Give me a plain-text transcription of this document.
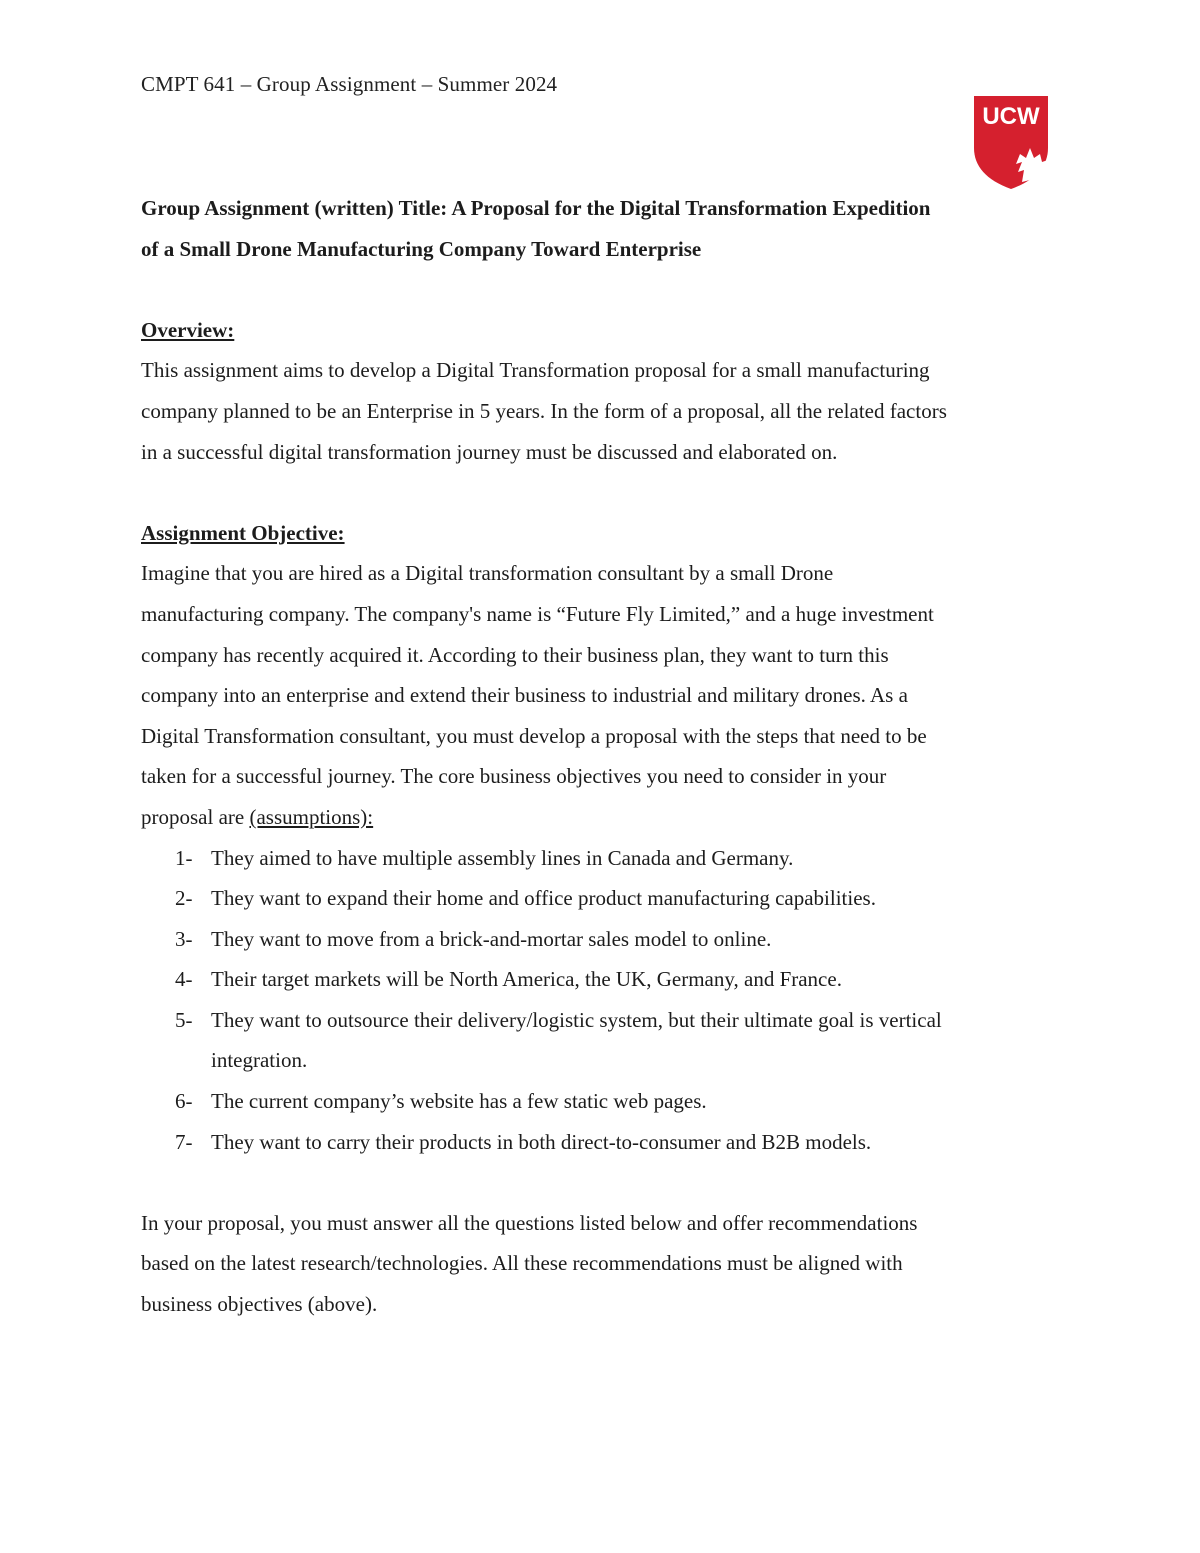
CMPT 641 – Group Assignment – Summer 2024
UCW

Group Assignment (written) Title: A Proposal for the Digital Transformation Expedition
of a Small Drone Manufacturing Company Toward Enterprise

Overview:

This assignment aims to develop a Digital Transformation proposal for a small manufacturing
company planned to be an Enterprise in 5 years. In the form of a proposal, all the related factors
in a successful digital transformation journey must be discussed and elaborated on.

Assignment Objective:

Imagine that you are hired as a Digital transformation consultant by a small Drone
manufacturing company. The company's name is “Future Fly Limited,” and a huge investment
company has recently acquired it. According to their business plan, they want to turn this
company into an enterprise and extend their business to industrial and military drones. As a
Digital Transformation consultant, you must develop a proposal with the steps that need to be
taken for a successful journey. The core business objectives you need to consider in your
proposal are (assumptions):

1- They aimed to have multiple assembly lines in Canada and Germany.
2- They want to expand their home and office product manufacturing capabilities.
3- They want to move from a brick-and-mortar sales model to online.
4- Their target markets will be North America, the UK, Germany, and France.
5- They want to outsource their delivery/logistic system, but their ultimate goal is vertical
integration.
6- The current company’s website has a few static web pages.
7- They want to carry their products in both direct-to-consumer and B2B models.

In your proposal, you must answer all the questions listed below and offer recommendations
based on the latest research/technologies. All these recommendations must be aligned with
business objectives (above).
